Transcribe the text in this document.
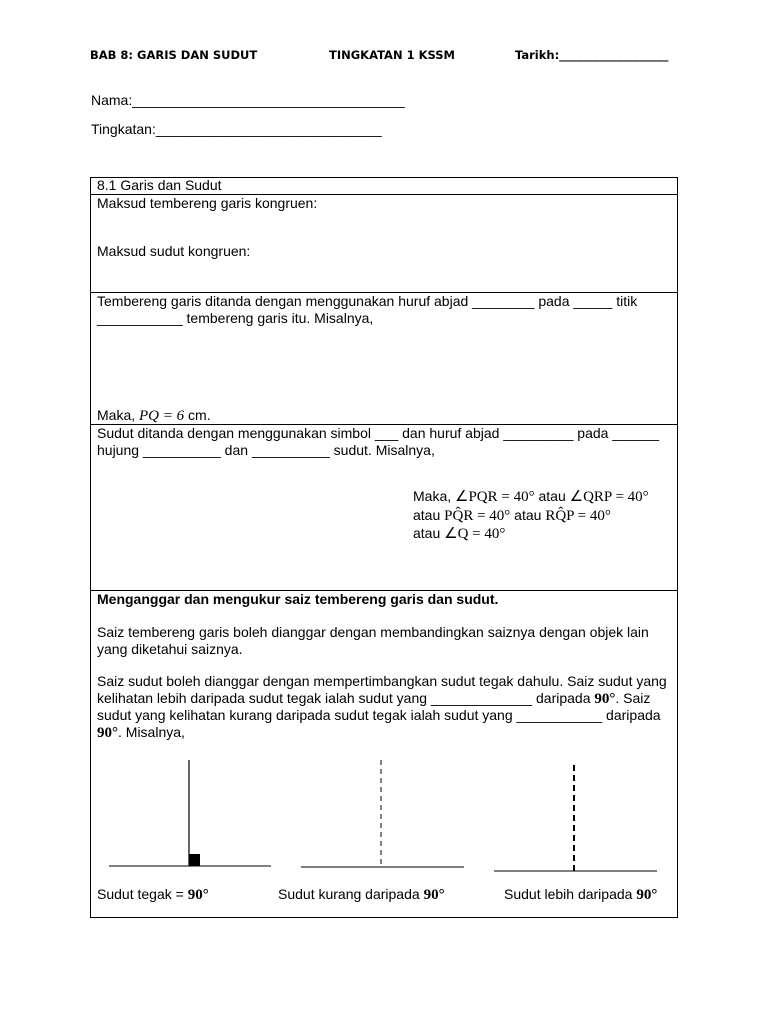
BAB 8: GARIS DAN SUDUT	TINGKATAN 1 KSSM	Tarikh:___________________
Nama:___________________________________
Tingkatan:_____________________________
8.1 Garis dan Sudut
Maksud tembereng garis kongruen:
Maksud sudut kongruen:
Tembereng garis ditanda dengan menggunakan huruf abjad ________ pada _____ titik
___________ tembereng garis itu. Misalnya,
Maka, PQ = 6 cm.
Sudut ditanda dengan menggunakan simbol ___ dan huruf abjad _________ pada ______
hujung __________ dan __________ sudut. Misalnya,
Maka, ∠PQR = 40° atau ∠QRP = 40°
atau PQ̂R = 40° atau RQ̂P = 40°
atau ∠Q = 40°
Menganggar dan mengukur saiz tembereng garis dan sudut.
Saiz tembereng garis boleh dianggar dengan membandingkan saiznya dengan objek lain
yang diketahui saiznya.
Saiz sudut boleh dianggar dengan mempertimbangkan sudut tegak dahulu. Saiz sudut yang
kelihatan lebih daripada sudut tegak ialah sudut yang _____________ daripada 90°. Saiz
sudut yang kelihatan kurang daripada sudut tegak ialah sudut yang ___________ daripada
90°. Misalnya,
Sudut tegak = 90°	Sudut kurang daripada 90°	Sudut lebih daripada 90°
